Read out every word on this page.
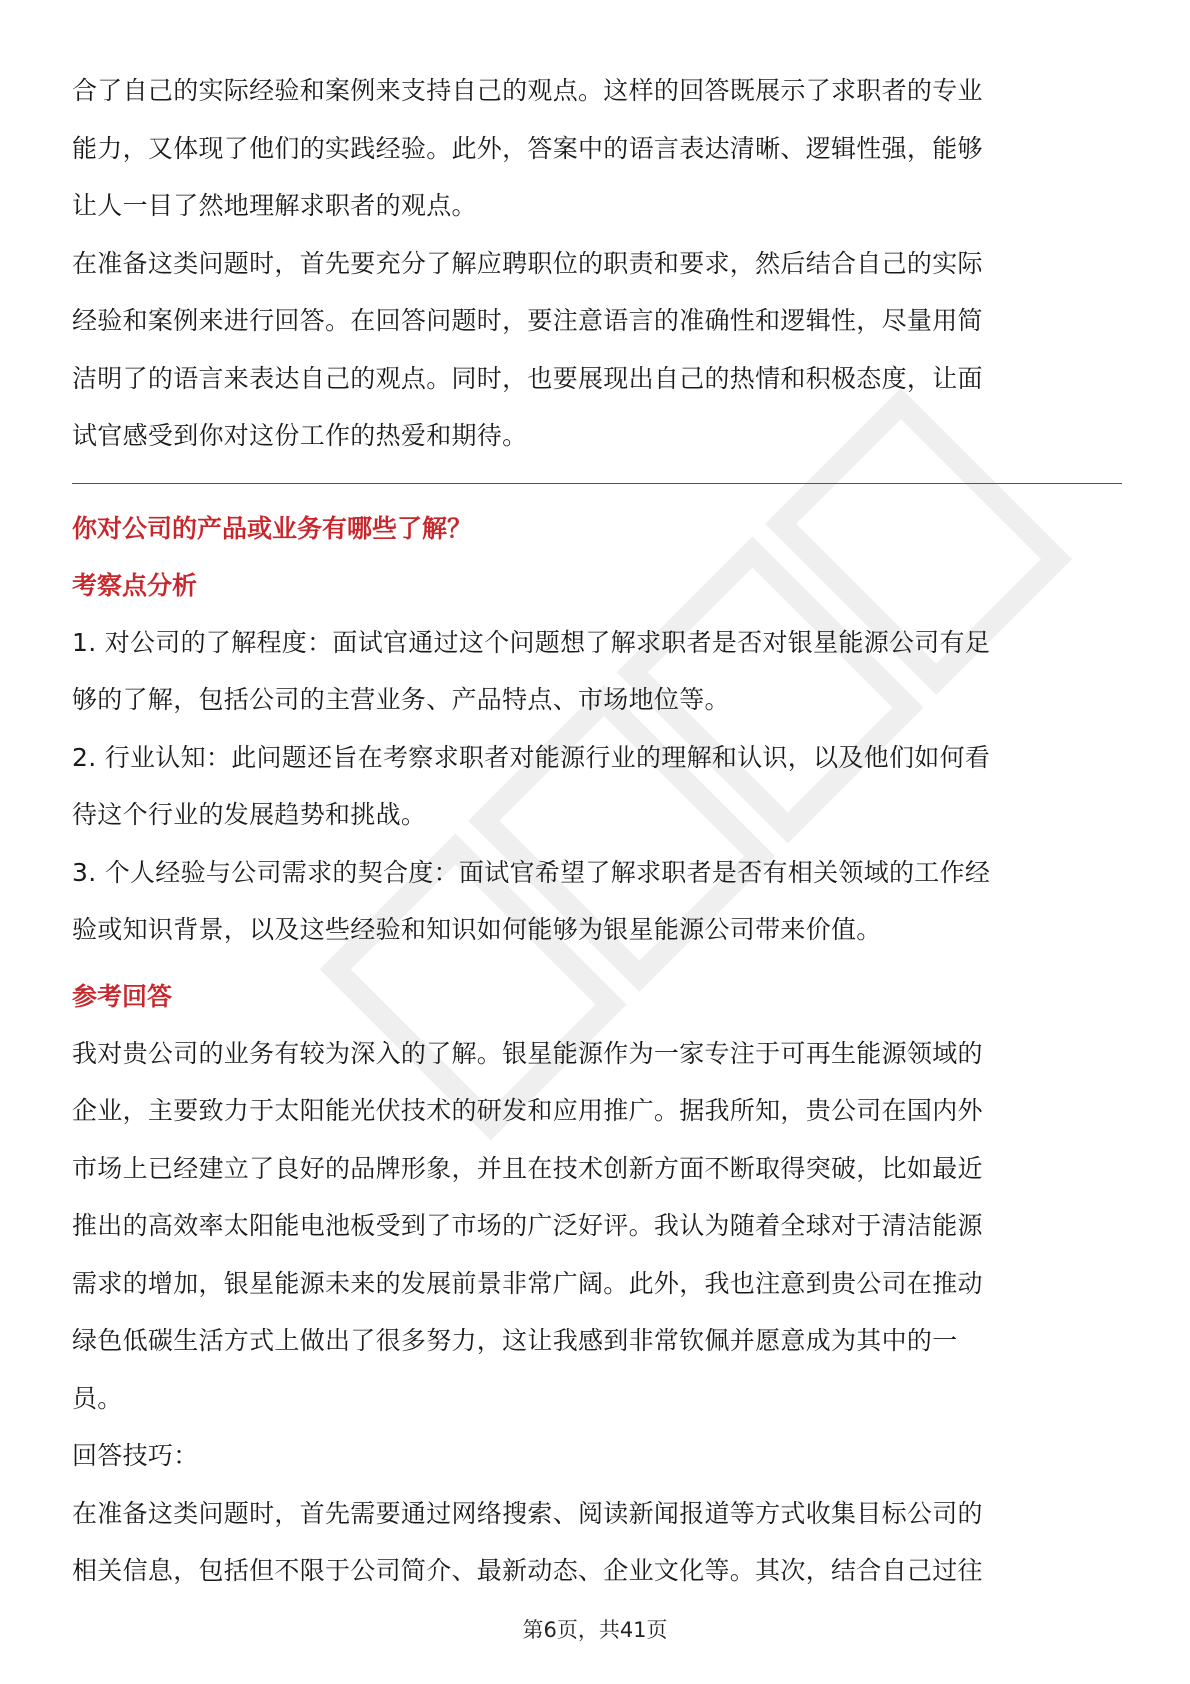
合了自己的实际经验和案例来支持自己的观点。这样的回答既展示了求职者的专业

能力，又体现了他们的实践经验。此外，答案中的语言表达清晰、逻辑性强，能够

让人一目了然地理解求职者的观点。

在准备这类问题时，首先要充分了解应聘职位的职责和要求，然后结合自己的实际

经验和案例来进行回答。在回答问题时，要注意语言的准确性和逻辑性，尽量用简

洁明了的语言来表达自己的观点。同时，也要展现出自己的热情和积极态度，让面

试官感受到你对这份工作的热爱和期待。

你对公司的产品或业务有哪些了解？
考察点分析

1. 对公司的了解程度：面试官通过这个问题想了解求职者是否对银星能源公司有足

够的了解，包括公司的主营业务、产品特点、市场地位等。

2. 行业认知：此问题还旨在考察求职者对能源行业的理解和认识，以及他们如何看

待这个行业的发展趋势和挑战。

3. 个人经验与公司需求的契合度：面试官希望了解求职者是否有相关领域的工作经

验或知识背景，以及这些经验和知识如何能够为银星能源公司带来价值。

参考回答

我对贵公司的业务有较为深入的了解。银星能源作为一家专注于可再生能源领域的

企业，主要致力于太阳能光伏技术的研发和应用推广。据我所知，贵公司在国内外

市场上已经建立了良好的品牌形象，并且在技术创新方面不断取得突破，比如最近

推出的高效率太阳能电池板受到了市场的广泛好评。我认为随着全球对于清洁能源

需求的增加，银星能源未来的发展前景非常广阔。此外，我也注意到贵公司在推动

绿色低碳生活方式上做出了很多努力，这让我感到非常钦佩并愿意成为其中的一

员。

回答技巧：

在准备这类问题时，首先需要通过网络搜索、阅读新闻报道等方式收集目标公司的

相关信息，包括但不限于公司简介、最新动态、企业文化等。其次，结合自己过往

第6页，共41页
